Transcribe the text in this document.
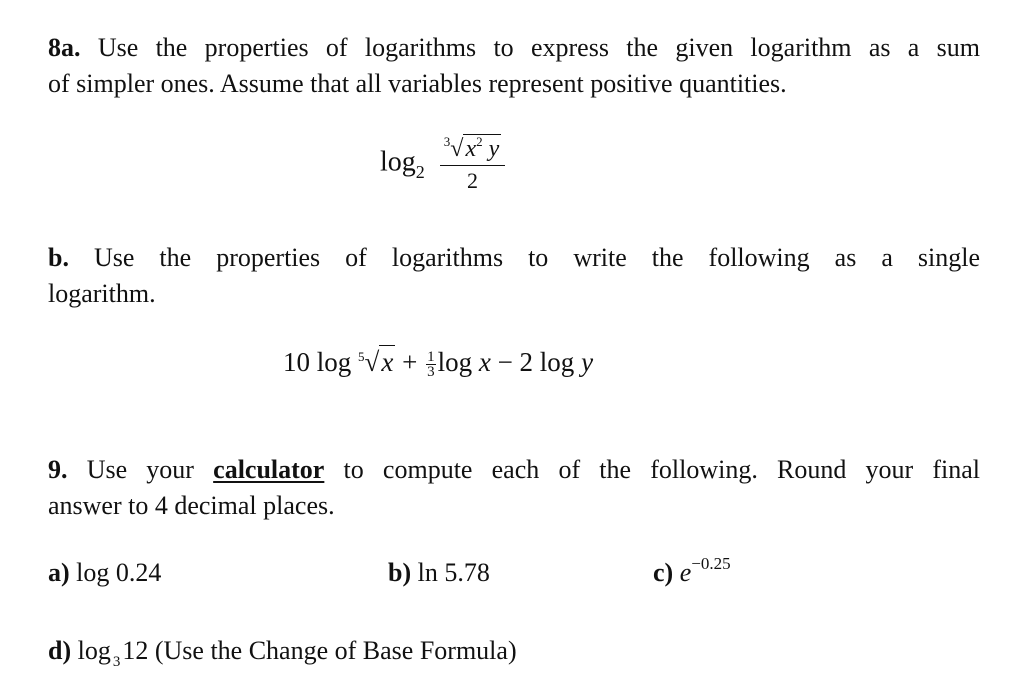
8a. Use the properties of logarithms to express the given logarithm as a sum
of simpler ones. Assume that all variables represent positive quantities.
$\log_2 \frac{^3√x^2 y}{2}$
b. Use the properties of logarithms to write the following as a single
logarithm.
10 $\log ^5√x + \frac{1}{3}$ log x − 2 log y
9. Use your calculator to compute each of the following. Round your final
answer to 4 decimal places.
a) log 0.24	b) ln 5.78	c) $e^{-0.25}$
d) log $_3$12 (Use the Change of Base Formula)
